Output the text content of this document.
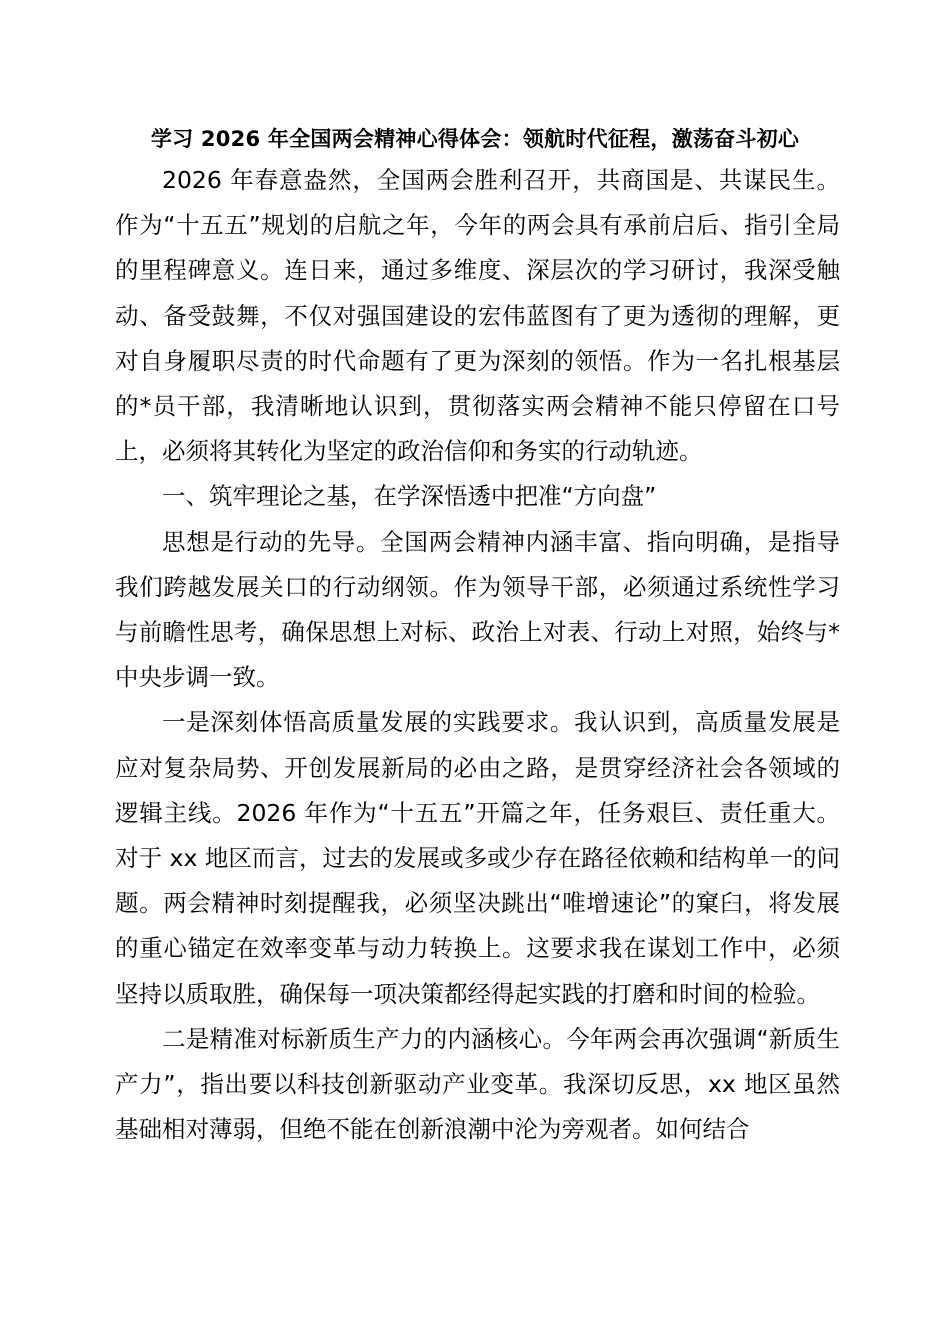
学习 2026 年全国两会精神心得体会：领航时代征程，激荡奋斗初心

2026 年春意盎然，全国两会胜利召开，共商国是、共谋民生。作为“十五五”规划的启航之年，今年的两会具有承前启后、指引全局的里程碑意义。连日来，通过多维度、深层次的学习研讨，我深受触动、备受鼓舞，不仅对强国建设的宏伟蓝图有了更为透彻的理解，更对自身履职尽责的时代命题有了更为深刻的领悟。作为一名扎根基层的*员干部，我清晰地认识到，贯彻落实两会精神不能只停留在口号上，必须将其转化为坚定的政治信仰和务实的行动轨迹。

一、筑牢理论之基，在学深悟透中把准“方向盘”

思想是行动的先导。全国两会精神内涵丰富、指向明确，是指导我们跨越发展关口的行动纲领。作为领导干部，必须通过系统性学习与前瞻性思考，确保思想上对标、政治上对表、行动上对照，始终与*中央步调一致。

一是深刻体悟高质量发展的实践要求。我认识到，高质量发展是应对复杂局势、开创发展新局的必由之路，是贯穿经济社会各领域的逻辑主线。2026 年作为“十五五”开篇之年，任务艰巨、责任重大。对于 xx 地区而言，过去的发展或多或少存在路径依赖和结构单一的问题。两会精神时刻提醒我，必须坚决跳出“唯增速论”的窠臼，将发展的重心锚定在效率变革与动力转换上。这要求我在谋划工作中，必须坚持以质取胜，确保每一项决策都经得起实践的打磨和时间的检验。

二是精准对标新质生产力的内涵核心。今年两会再次强调“新质生产力”，指出要以科技创新驱动产业变革。我深切反思，xx 地区虽然基础相对薄弱，但绝不能在创新浪潮中沦为旁观者。如何结合
